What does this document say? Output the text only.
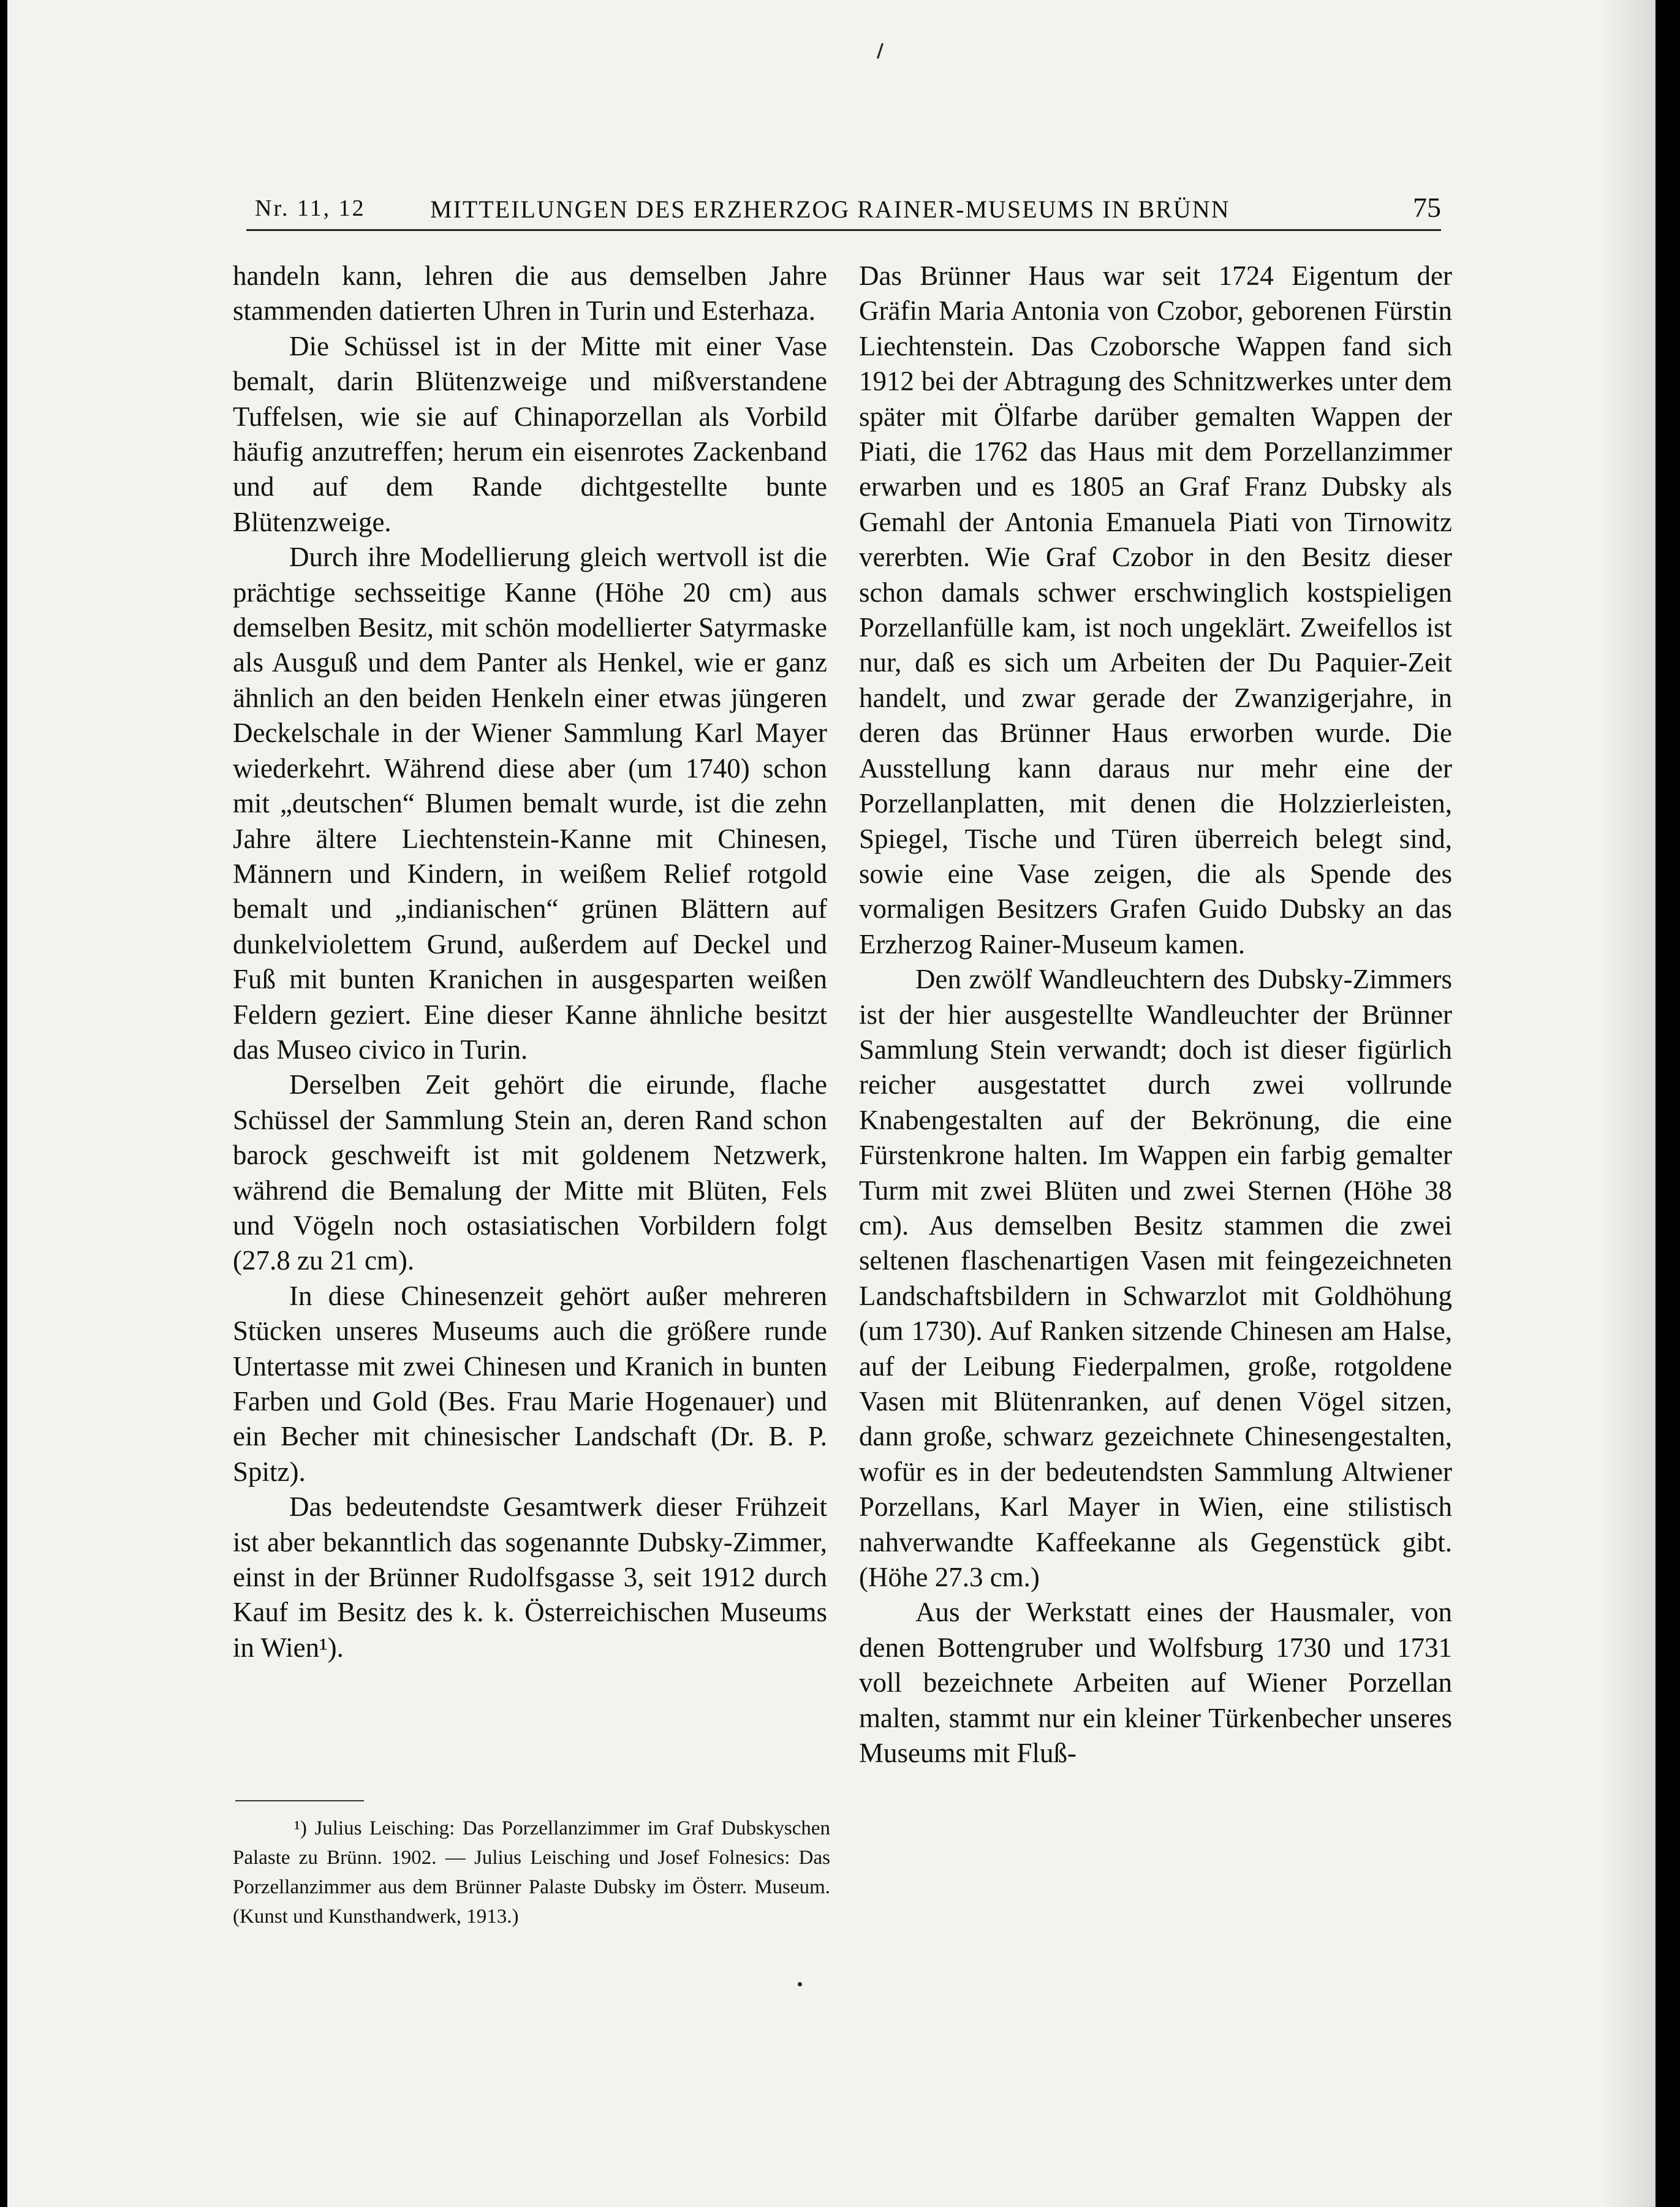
Nr. 11, 12	MITTEILUNGEN DES ERZHERZOG RAINER-MUSEUMS IN BRÜNN	75

handeln kann, lehren die aus demselben Jahre stammenden datierten Uhren in Turin und Esterhaza.

Die Schüssel ist in der Mitte mit einer Vase bemalt, darin Blütenzweige und mißverstandene Tuffelsen, wie sie auf Chinaporzellan als Vorbild häufig anzutreffen; herum ein eisenrotes Zackenband und auf dem Rande dichtgestellte bunte Blütenzweige.

Durch ihre Modellierung gleich wertvoll ist die prächtige sechsseitige Kanne (Höhe 20 cm) aus demselben Besitz, mit schön modellierter Satyrmaske als Ausguß und dem Panter als Henkel, wie er ganz ähnlich an den beiden Henkeln einer etwas jüngeren Deckelschale in der Wiener Sammlung Karl Mayer wiederkehrt. Während diese aber (um 1740) schon mit „deutschen“ Blumen bemalt wurde, ist die zehn Jahre ältere Liechtenstein-Kanne mit Chinesen, Männern und Kindern, in weißem Relief rotgold bemalt und „indianischen“ grünen Blättern auf dunkelviolettem Grund, außerdem auf Deckel und Fuß mit bunten Kranichen in ausgesparten weißen Feldern geziert. Eine dieser Kanne ähnliche besitzt das Museo civico in Turin.

Derselben Zeit gehört die eirunde, flache Schüssel der Sammlung Stein an, deren Rand schon barock geschweift ist mit goldenem Netzwerk, während die Bemalung der Mitte mit Blüten, Fels und Vögeln noch ostasiatischen Vorbildern folgt (27.8 zu 21 cm).

In diese Chinesenzeit gehört außer mehreren Stücken unseres Museums auch die größere runde Untertasse mit zwei Chinesen und Kranich in bunten Farben und Gold (Bes. Frau Marie Hogenauer) und ein Becher mit chinesischer Landschaft (Dr. B. P. Spitz).

Das bedeutendste Gesamtwerk dieser Frühzeit ist aber bekanntlich das sogenannte Dubsky-Zimmer, einst in der Brünner Rudolfsgasse 3, seit 1912 durch Kauf im Besitz des k. k. Österreichischen Museums in Wien¹).

¹) Julius Leisching: Das Porzellanzimmer im Graf Dubskyschen Palaste zu Brünn. 1902. — Julius Leisching und Josef Folnesics: Das Porzellanzimmer aus dem Brünner Palaste Dubsky im Österr. Museum. (Kunst und Kunsthandwerk, 1913.)

Das Brünner Haus war seit 1724 Eigentum der Gräfin Maria Antonia von Czobor, geborenen Fürstin Liechtenstein. Das Czoborsche Wappen fand sich 1912 bei der Abtragung des Schnitzwerkes unter dem später mit Ölfarbe darüber gemalten Wappen der Piati, die 1762 das Haus mit dem Porzellanzimmer erwarben und es 1805 an Graf Franz Dubsky als Gemahl der Antonia Emanuela Piati von Tirnowitz vererbten. Wie Graf Czobor in den Besitz dieser schon damals schwer erschwinglich kostspieligen Porzellanfülle kam, ist noch ungeklärt. Zweifellos ist nur, daß es sich um Arbeiten der Du Paquier-Zeit handelt, und zwar gerade der Zwanzigerjahre, in deren das Brünner Haus erworben wurde. Die Ausstellung kann daraus nur mehr eine der Porzellanplatten, mit denen die Holzzierleisten, Spiegel, Tische und Türen überreich belegt sind, sowie eine Vase zeigen, die als Spende des vormaligen Besitzers Grafen Guido Dubsky an das Erzherzog Rainer-Museum kamen.

Den zwölf Wandleuchtern des Dubsky-Zimmers ist der hier ausgestellte Wandleuchter der Brünner Sammlung Stein verwandt; doch ist dieser figürlich reicher ausgestattet durch zwei vollrunde Knabengestalten auf der Bekrönung, die eine Fürstenkrone halten. Im Wappen ein farbig gemalter Turm mit zwei Blüten und zwei Sternen (Höhe 38 cm). Aus demselben Besitz stammen die zwei seltenen flaschenartigen Vasen mit feingezeichneten Landschaftsbildern in Schwarzlot mit Goldhöhung (um 1730). Auf Ranken sitzende Chinesen am Halse, auf der Leibung Fiederpalmen, große, rotgoldene Vasen mit Blütenranken, auf denen Vögel sitzen, dann große, schwarz gezeichnete Chinesengestalten, wofür es in der bedeutendsten Sammlung Altwiener Porzellans, Karl Mayer in Wien, eine stilistisch nahverwandte Kaffeekanne als Gegenstück gibt. (Höhe 27.3 cm.)

Aus der Werkstatt eines der Hausmaler, von denen Bottengruber und Wolfsburg 1730 und 1731 voll bezeichnete Arbeiten auf Wiener Porzellan malten, stammt nur ein kleiner Türkenbecher unseres Museums mit Fluß-
